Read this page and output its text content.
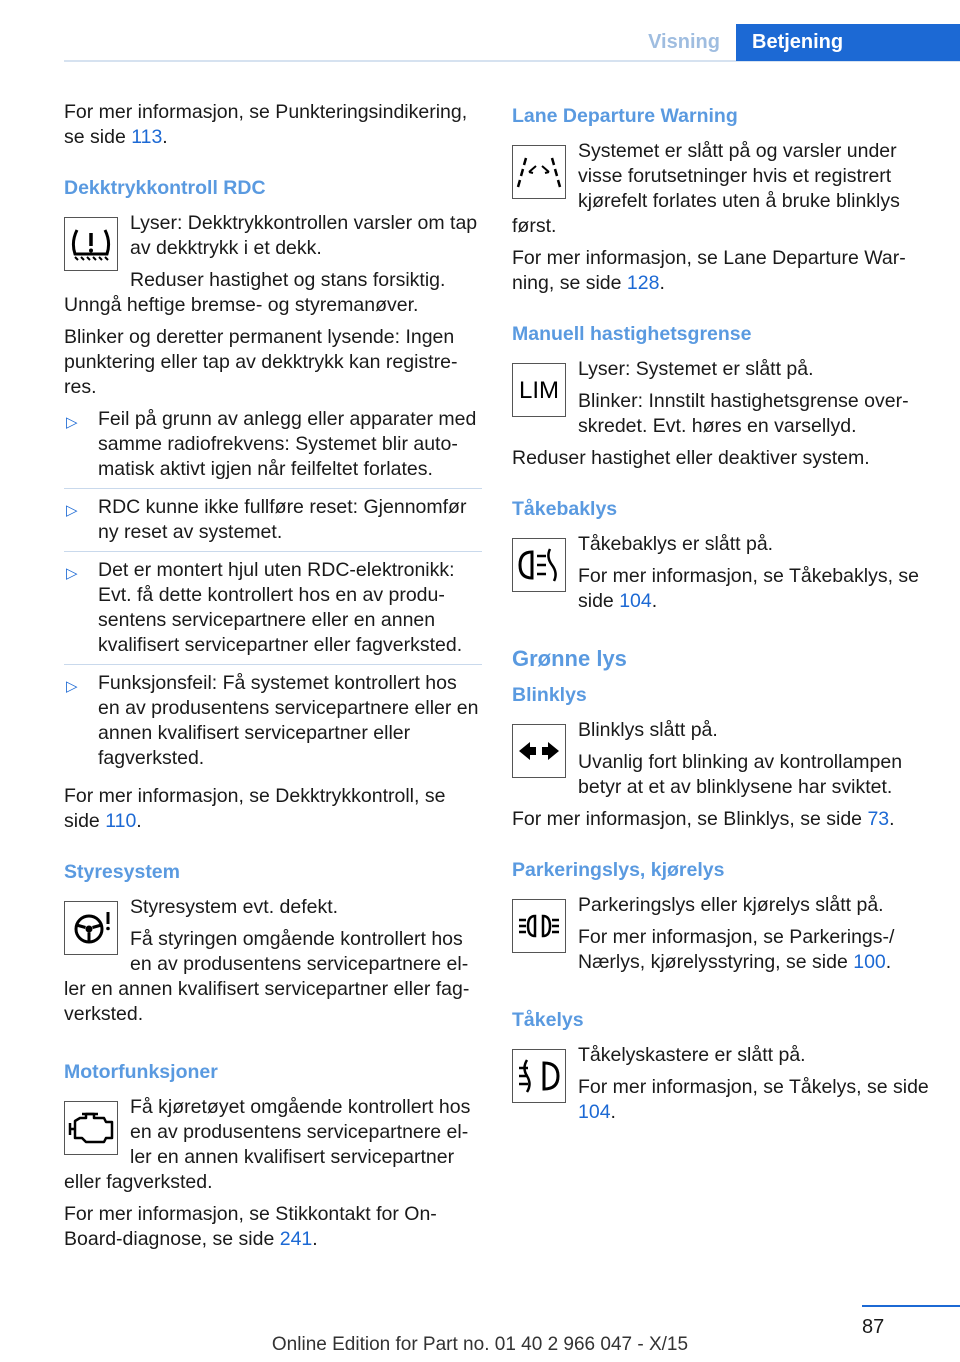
Visning	Betjening

For mer informasjon, se Punkteringsindikering, se side 113.

Dekktrykkontroll RDC

Lyser: Dekktrykkontrollen varsler om tap av dekktrykk i et dekk.

Reduser hastighet og stans forsiktig. Unngå heftige bremse- og styremanøver.

Blinker og deretter permanent lysende: Ingen punktering eller tap av dekktrykk kan registreres.

▷ Feil på grunn av anlegg eller apparater med samme radiofrekvens: Systemet blir automatisk aktivt igjen når feilfeltet forlates.
▷ RDC kunne ikke fullføre reset: Gjennomfør ny reset av systemet.
▷ Det er montert hjul uten RDC-elektronikk: Evt. få dette kontrollert hos en av produsentens servicepartnere eller en annen kvalifisert servicepartner eller fagverksted.
▷ Funksjonsfeil: Få systemet kontrollert hos en av produsentens servicepartnere eller en annen kvalifisert servicepartner eller fagverksted.

For mer informasjon, se Dekktrykkontroll, se side 110.

Styresystem

Styresystem evt. defekt.

Få styringen omgående kontrollert hos en av produsentens servicepartnere eller en annen kvalifisert servicepartner eller fagverksted.

Motorfunksjoner

Få kjøretøyet omgående kontrollert hos en av produsentens servicepartnere eller en annen kvalifisert servicepartner eller fagverksted.

For mer informasjon, se Stikkontakt for On-Board-diagnose, se side 241.

Lane Departure Warning

Systemet er slått på og varsler under visse forutsetninger hvis et registrert kjørefelt forlates uten å bruke blinklys først.

For mer informasjon, se Lane Departure Warning, se side 128.

Manuell hastighetsgrense
LIM

Lyser: Systemet er slått på.

Blinker: Innstilt hastighetsgrense overskredet. Evt. høres en varsellyd.

Reduser hastighet eller deaktiver system.

Tåkebaklys

Tåkebaklys er slått på.

For mer informasjon, se Tåkebaklys, se side 104.

Grønne lys
Blinklys

Blinklys slått på.

Uvanlig fort blinking av kontrollampen betyr at et av blinklysene har sviktet.

For mer informasjon, se Blinklys, se side 73.

Parkeringslys, kjørelys

Parkeringslys eller kjørelys slått på.

For mer informasjon, se Parkerings-/ Nærlys, kjørelysstyring, se side 100.

Tåkelys

Tåkelyskastere er slått på.

For mer informasjon, se Tåkelys, se side 104.

87
Online Edition for Part no. 01 40 2 966 047 - X/15
